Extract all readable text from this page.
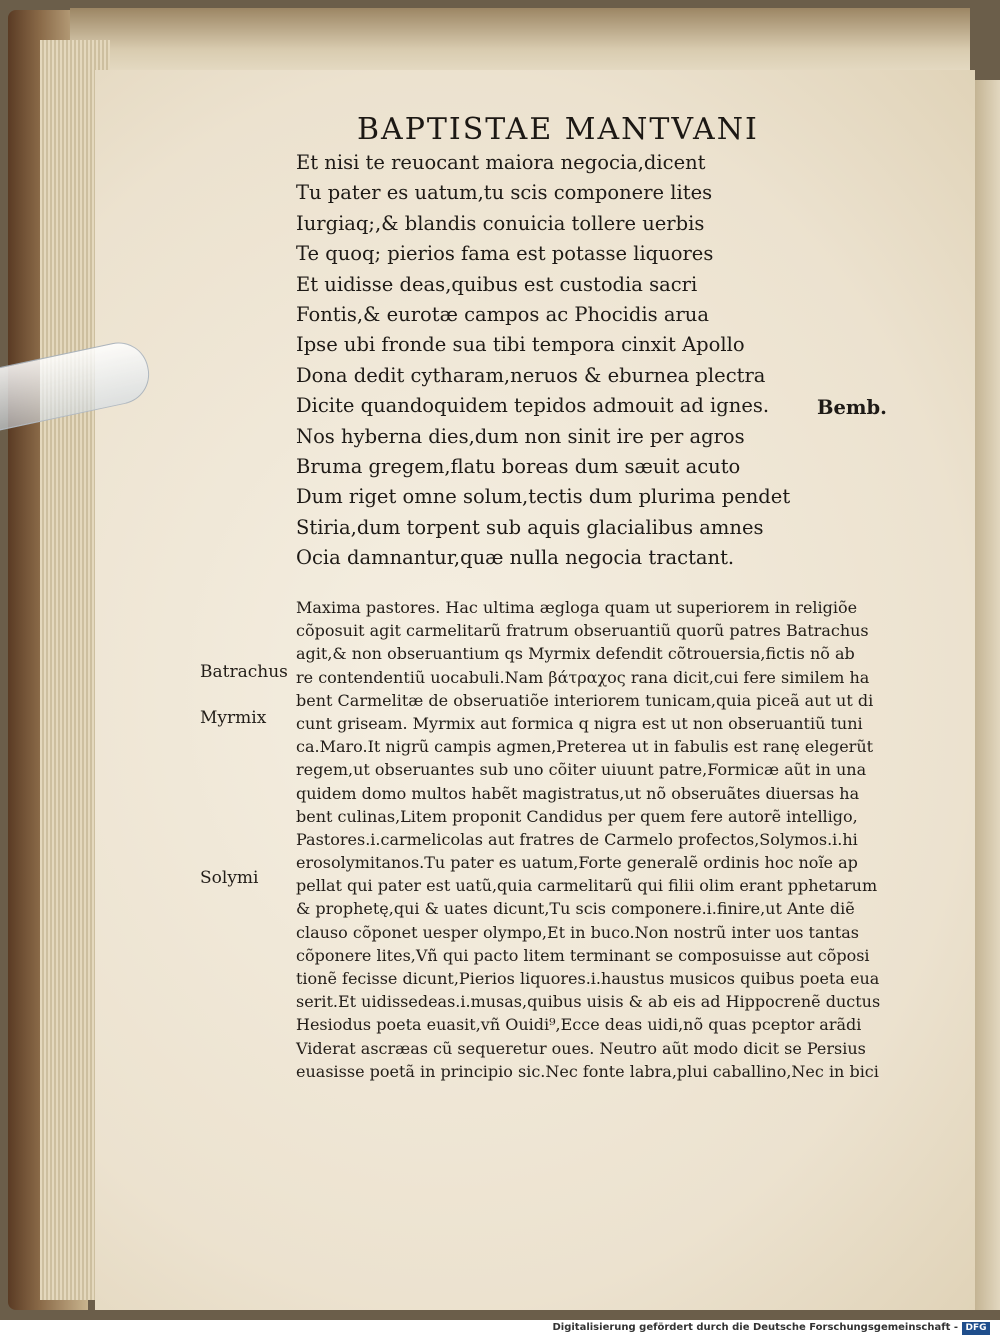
BAPTISTAE MANTVANI
Et nisi te reuocant maiora negocia,dicent
Tu pater es uatum,tu scis componere lites
Iurgiaq;,& blandis conuicia tollere uerbis
Te quoq; pierios fama est potasse liquores
Et uidisse deas,quibus est custodia sacri
Fontis,& eurotæ campos ac Phocidis arua
Ipse ubi fronde sua tibi tempora cinxit Apollo
Dona dedit cytharam,neruos & eburnea plectra
Dicite quandoquidem tepidos admouit ad ignes.
Nos hyberna dies,dum non sinit ire per agros
Bruma gregem,flatu boreas dum sæuit acuto
Dum riget omne solum,tectis dum plurima pendet
Stiria,dum torpent sub aquis glacialibus amnes
Ocia damnantur,quæ nulla negocia tractant.
Bemb.
Maxima pastores. Hac ultima æglogа quam ut superiorem in religiõe
cõposuit agit carmelitarũ fratrum obseruantiũ quorũ patres Batrachus
agit,& non obseruantium qs Myrmix defendit cõtrouersia,fictis nõ ab
re contendentiũ uocabuli.Nam βάτραχος rana dicit,cui fere similem ha
bent Carmelitæ de obseruatiõe interiorem tunicam,quia piceã aut ut di
cunt griseam. Myrmix aut formica q nigra est ut non obseruantiũ tuni
ca.Maro.It nigrũ campis agmen,Preterea ut in fabulis est ranę elegerũt
regem,ut obseruantes sub uno cõiter uiuunt patre,Formicæ aũt in una
quidem domo multos habẽt magistratus,ut nõ obseruãtes diuersas ha
bent culinas,Litem proponit Candidus per quem fere autorẽ intelligo,
Pastores.i.carmelicolas aut fratres de Carmelo profectos,Solymos.i.hi
erosolymitanos.Tu pater es uatum,Forte generalẽ ordinis hoc noĩe ap
pellat qui pater est uatũ,quia carmelitarũ qui filii olim erant pphetarum
& prophetę,qui & uates dicunt,Tu scis componere.i.finire,ut Ante diẽ
clauso cõponet uesper olympo,Et in buco.Non nostrũ inter uos tantas
cõponere lites,Vñ qui pacto litem terminant se composuisse aut cõposi
tionẽ fecisse dicunt,Pierios liquores.i.haustus musicos quibus poeta eua
serit.Et uidissedeas.i.musas,quibus uisis & ab eis ad Hippocrenẽ ductus
Hesiodus poeta euasit,vñ Ouidi⁹,Ecce deas uidi,nõ quas pceptor arãdi
Viderat ascræas cũ sequeretur oues. Neutro aũt modo dicit se Persius
euasisse poetã in principio sic.Nec fonte labra,plui caballino,Nec in bici
Batrachus
Myrmix
Solymi
Digitalisierung gefördert durch die Deutsche Forschungsgemeinschaft - DFG
